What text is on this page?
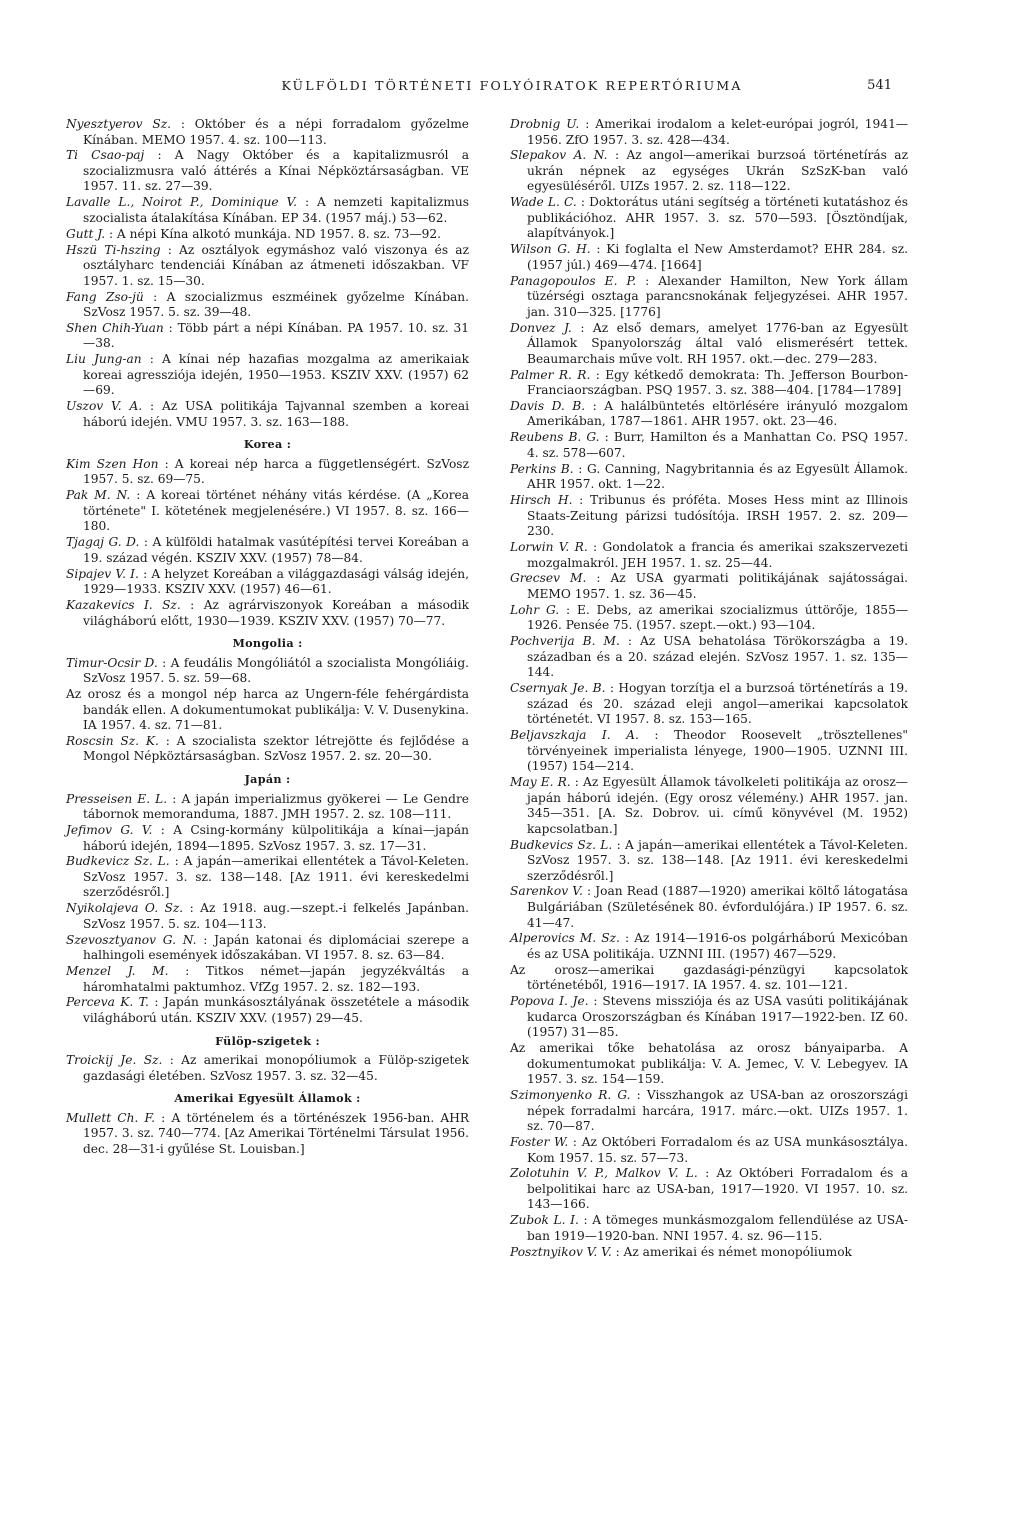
KÜLFÖLDI TÖRTÉNETI FOLYÓIRATOK REPERTÓRIUMA	541
Nyesztyerov Sz. : Október és a népi forradalom győzelme Kínában. MEMO 1957. 4. sz. 100—113.
Ti Csao-paj : A Nagy Október és a kapitalizmusról a szocializmusra való áttérés a Kínai Népköztársaságban. VE 1957. 11. sz. 27—39.
Lavalle L., Noirot P., Dominique V. : A nemzeti kapitalizmus szocialista átalakítása Kínában. EP 34. (1957 máj.) 53—62.
Gutt J. : A népi Kína alkotó munkája. ND 1957. 8. sz. 73—92.
Hszü Ti-hszing : Az osztályok egymáshoz való viszonya és az osztályharc tendenciái Kínában az átmeneti időszakban. VF 1957. 1. sz. 15—30.
Fang Zso-jü : A szocializmus eszméinek győzelme Kínában. SzVosz 1957. 5. sz. 39—48.
Shen Chih-Yuan : Több párt a népi Kínában. PA 1957. 10. sz. 31—38.
Liu Jung-an : A kínai nép hazafias mozgalma az amerikaiak koreai agressziója idején, 1950—1953. KSZIV XXV. (1957) 62—69.
Uszov V. A. : Az USA politikája Tajvannal szemben a koreai háború idején. VMU 1957. 3. sz. 163—188.
Korea :
Kim Szen Hon : A koreai nép harca a függetlenségért. SzVosz 1957. 5. sz. 69—75.
Pak M. N. : A koreai történet néhány vitás kérdése. (A „Korea története" I. kötetének megjelenésére.) VI 1957. 8. sz. 166—180.
Tjagaj G. D. : A külföldi hatalmak vasútépítési tervei Koreában a 19. század végén. KSZIV XXV. (1957) 78—84.
Sipajev V. I. : A helyzet Koreában a világgazdasági válság idején, 1929—1933. KSZIV XXV. (1957) 46—61.
Kazakevics I. Sz. : Az agrárviszonyok Koreában a második világháború előtt, 1930—1939. KSZIV XXV. (1957) 70—77.
Mongolia :
Timur-Ocsir D. : A feudális Mongóliától a szocialista Mongóliáig. SzVosz 1957. 5. sz. 59—68.
Az orosz és a mongol nép harca az Ungern-féle fehérgárdista bandák ellen. A dokumentumokat publikálja: V. V. Dusenykina. IA 1957. 4. sz. 71—81.
Roscsin Sz. K. : A szocialista szektor létrejötte és fejlődése a Mongol Népköztársaságban. SzVosz 1957. 2. sz. 20—30.
Japán :
Presseisen E. L. : A japán imperializmus gyökerei — Le Gendre tábornok memoranduma, 1887. JMH 1957. 2. sz. 108—111.
Jefimov G. V. : A Csing-kormány külpolitikája a kínai—japán háború idején, 1894—1895. SzVosz 1957. 3. sz. 17—31.
Budkevicz Sz. L. : A japán—amerikai ellentétek a Távol-Keleten. SzVosz 1957. 3. sz. 138—148. [Az 1911. évi kereskedelmi szerződésről.]
Nyikolajeva O. Sz. : Az 1918. aug.—szept.-i felkelés Japánban. SzVosz 1957. 5. sz. 104—113.
Szevosztyanov G. N. : Japán katonai és diplomáciai szerepe a halhingoli események időszakában. VI 1957. 8. sz. 63—84.
Menzel J. M. : Titkos német—japán jegyzékváltás a háromhatalmi paktumhoz. VfZg 1957. 2. sz. 182—193.
Perceva K. T. : Japán munkásosztályának összetétele a második világháború után. KSZIV XXV. (1957) 29—45.
Fülöp-szigetek :
Troickij Je. Sz. : Az amerikai monopóliumok a Fülöp-szigetek gazdasági életében. SzVosz 1957. 3. sz. 32—45.
Amerikai Egyesült Államok :
Mullett Ch. F. : A történelem és a történészek 1956-ban. AHR 1957. 3. sz. 740—774. [Az Amerikai Történelmi Társulat 1956. dec. 28—31-i gyűlése St. Louisban.]
Drobnig U. : Amerikai irodalom a kelet-európai jogról, 1941—1956. ZfO 1957. 3. sz. 428—434.
Slepakov A. N. : Az angol—amerikai burzsoá történetírás az ukrán népnek az egységes Ukrán SzSzK-ban való egyesüléséről. UIZs 1957. 2. sz. 118—122.
Wade L. C. : Doktorátus utáni segítség a történeti kutatáshoz és publikációhoz. AHR 1957. 3. sz. 570—593. [Ösztöndíjak, alapítványok.]
Wilson G. H. : Ki foglalta el New Amsterdamot? EHR 284. sz. (1957 júl.) 469—474. [1664]
Panagopoulos E. P. : Alexander Hamilton, New York állam tüzérségi osztaga parancsnokának feljegyzései. AHR 1957. jan. 310—325. [1776]
Donvez J. : Az első demars, amelyet 1776-ban az Egyesült Államok Spanyolország által való elismerésért tettek. Beaumarchais műve volt. RH 1957. okt.—dec. 279—283.
Palmer R. R. : Egy kétkedő demokrata: Th. Jefferson Bourbon-Franciaországban. PSQ 1957. 3. sz. 388—404. [1784—1789]
Davis D. B. : A halálbüntetés eltörlésére irányuló mozgalom Amerikában, 1787—1861. AHR 1957. okt. 23—46.
Reubens B. G. : Burr, Hamilton és a Manhattan Co. PSQ 1957. 4. sz. 578—607.
Perkins B. : G. Canning, Nagybritannia és az Egyesült Államok. AHR 1957. okt. 1—22.
Hirsch H. : Tribunus és próféta. Moses Hess mint az Illinois Staats-Zeitung párizsi tudósítója. IRSH 1957. 2. sz. 209—230.
Lorwin V. R. : Gondolatok a francia és amerikai szakszervezeti mozgalmakról. JEH 1957. 1. sz. 25—44.
Grecsev M. : Az USA gyarmati politikájának sajátosságai. MEMO 1957. 1. sz. 36—45.
Lohr G. : E. Debs, az amerikai szocializmus úttörője, 1855—1926. Pensée 75. (1957. szept.—okt.) 93—104.
Pochverija B. M. : Az USA behatolása Törökországba a 19. században és a 20. század elején. SzVosz 1957. 1. sz. 135—144.
Csernyak Je. B. : Hogyan torzítja el a burzsoá történetírás a 19. század és 20. század eleji angol—amerikai kapcsolatok történetét. VI 1957. 8. sz. 153—165.
Beljavszkaja I. A. : Theodor Roosevelt „trösztellenes" törvényeinek imperialista lényege, 1900—1905. UZNNI III. (1957) 154—214.
May E. R. : Az Egyesült Államok távolkeleti politikája az orosz—japán háború idején. (Egy orosz vélemény.) AHR 1957. jan. 345—351. [A. Sz. Dobrov. ui. című könyvével (M. 1952) kapcsolatban.]
Budkevics Sz. L. : A japán—amerikai ellentétek a Távol-Keleten. SzVosz 1957. 3. sz. 138—148. [Az 1911. évi kereskedelmi szerződésről.]
Sarenkov V. : Joan Read (1887—1920) amerikai költő látogatása Bulgáriában (Születésének 80. évfordulójára.) IP 1957. 6. sz. 41—47.
Alperovics M. Sz. : Az 1914—1916-os polgárháború Mexicóban és az USA politikája. UZNNI III. (1957) 467—529.
Az orosz—amerikai gazdasági-pénzügyi kapcsolatok történetéből, 1916—1917. IA 1957. 4. sz. 101—121.
Popova I. Je. : Stevens missziója és az USA vasúti politikájának kudarca Oroszországban és Kínában 1917—1922-ben. IZ 60. (1957) 31—85.
Az amerikai tőke behatolása az orosz bányaiparba. A dokumentumokat publikálja: V. A. Jemec, V. V. Lebegyev. IA 1957. 3. sz. 154—159.
Szimonyenko R. G. : Visszhangok az USA-ban az oroszországi népek forradalmi harcára, 1917. márc.—okt. UIZs 1957. 1. sz. 70—87.
Foster W. : Az Októberi Forradalom és az USA munkásosztálya. Kom 1957. 15. sz. 57—73.
Zolotuhin V. P., Malkov V. L. : Az Októberi Forradalom és a belpolitikai harc az USA-ban, 1917—1920. VI 1957. 10. sz. 143—166.
Zubok L. I. : A tömeges munkásmozgalom fellendülése az USA-ban 1919—1920-ban. NNI 1957. 4. sz. 96—115.
Posztnyikov V. V. : Az amerikai és német monopóliumok
